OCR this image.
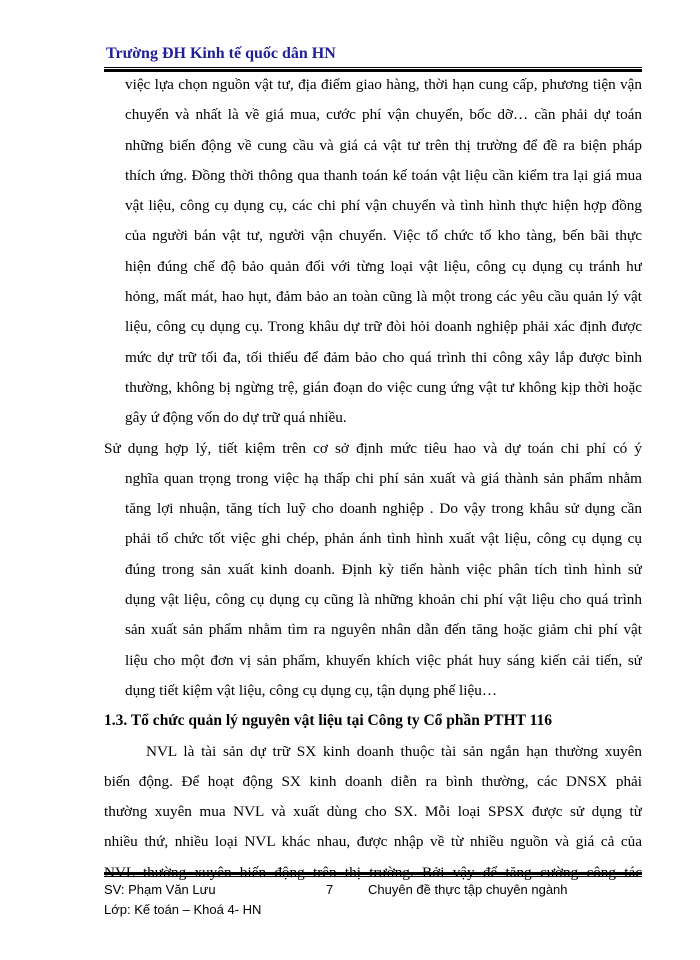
Trường ĐH Kinh tế quốc dân HN
việc lựa chọn nguồn vật tư, địa điểm giao hàng, thời hạn cung cấp, phương tiện vận
chuyển và nhất là về giá mua, cước phí vận chuyển, bốc dỡ… cần phải dự toán
những biến động về cung cầu và giá cả vật tư trên thị trường để đề ra biện pháp
thích ứng. Đồng thời thông qua thanh toán kế toán vật liệu cần kiểm tra lại giá mua
vật liệu, công cụ dụng cụ, các chi phí vận chuyển và tình hình thực hiện hợp đồng
của người bán vật tư, người vận chuyển. Việc tổ chức tổ kho tàng, bến bãi thực
hiện đúng chế độ bảo quản đối với từng loại vật liệu, công cụ dụng cụ tránh hư
hỏng, mất mát, hao hụt, đảm bảo an toàn cũng là một trong các yêu cầu quản lý vật
liệu, công cụ dụng cụ. Trong khâu dự trữ đòi hỏi doanh nghiệp phải xác định được
mức dự trữ tối đa, tối thiểu để đảm bảo cho quá trình thi công xây lắp được bình
thường, không bị ngừng trệ, gián đoạn do việc cung ứng vật tư không kịp thời hoặc
gây ứ động vốn do dự trữ quá nhiều.
Sử dụng hợp lý, tiết kiệm trên cơ sở định mức tiêu hao và dự toán chi phí có ý
nghĩa quan trọng trong việc hạ thấp chi phí sản xuất và giá thành sản phẩm nhằm
tăng lợi nhuận, tăng tích luỹ cho doanh nghiệp . Do vậy trong khâu sử dụng cần
phải tổ chức tốt việc ghi chép, phản ánh tình hình xuất vật liệu, công cụ dụng cụ
đúng trong sản xuất kinh doanh. Định kỳ tiến hành việc phân tích tình hình sử
dụng vật liệu, công cụ dụng cụ cũng là những khoản chi phí vật liệu cho quá trình
sản xuất sản phẩm nhằm tìm ra nguyên nhân dẫn đến tăng hoặc giảm chi phí vật
liệu cho một đơn vị sản phẩm, khuyến khích việc phát huy sáng kiến cải tiến, sử
dụng tiết kiệm vật liệu, công cụ dụng cụ, tận dụng phế liệu…
1.3. Tổ chức quản lý nguyên vật liệu tại Công ty Cổ phần PTHT 116
NVL là tài sản dự trữ SX kinh doanh thuộc tài sản ngắn hạn thường xuyên
biến động. Để hoạt động SX kinh doanh diễn ra bình thường, các DNSX phải
thường xuyên mua NVL và xuất dùng cho SX. Mỗi loại SPSX được sử dụng từ
nhiều thứ, nhiều loại NVL khác nhau, được nhập về từ nhiều nguồn và giá cả của
SV: Phạm Văn Lưu	7	Chuyên đề thực tập chuyên ngành
Lớp: Kế toán – Khoá 4- HN
